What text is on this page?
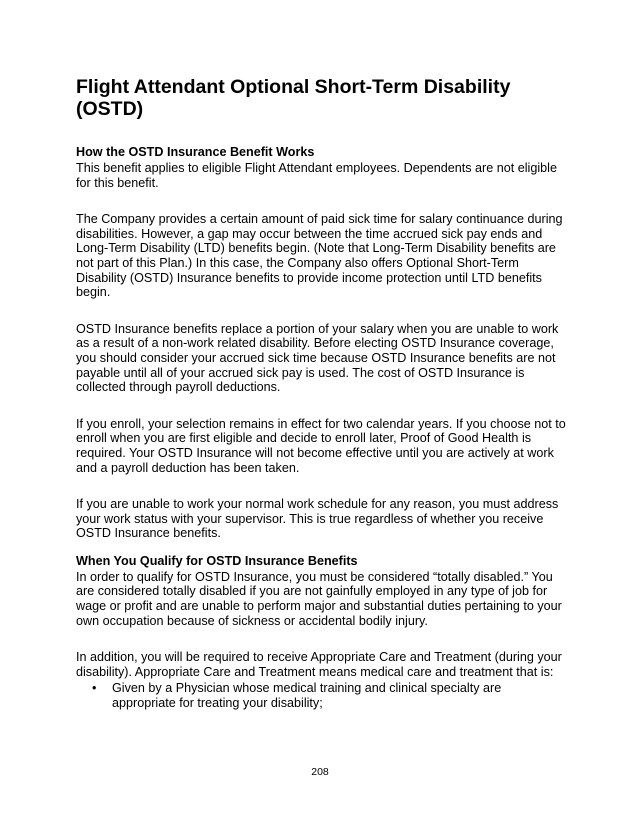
Flight Attendant Optional Short-Term Disability (OSTD)
How the OSTD Insurance Benefit Works

This benefit applies to eligible Flight Attendant employees. Dependents are not eligible for this benefit.

The Company provides a certain amount of paid sick time for salary continuance during disabilities. However, a gap may occur between the time accrued sick pay ends and Long-Term Disability (LTD) benefits begin. (Note that Long-Term Disability benefits are not part of this Plan.) In this case, the Company also offers Optional Short-Term Disability (OSTD) Insurance benefits to provide income protection until LTD benefits begin.

OSTD Insurance benefits replace a portion of your salary when you are unable to work as a result of a non-work related disability. Before electing OSTD Insurance coverage, you should consider your accrued sick time because OSTD Insurance benefits are not payable until all of your accrued sick pay is used. The cost of OSTD Insurance is collected through payroll deductions.

If you enroll, your selection remains in effect for two calendar years. If you choose not to enroll when you are first eligible and decide to enroll later, Proof of Good Health is required. Your OSTD Insurance will not become effective until you are actively at work and a payroll deduction has been taken.

If you are unable to work your normal work schedule for any reason, you must address your work status with your supervisor. This is true regardless of whether you receive OSTD Insurance benefits.

When You Qualify for OSTD Insurance Benefits

In order to qualify for OSTD Insurance, you must be considered “totally disabled.” You are considered totally disabled if you are not gainfully employed in any type of job for wage or profit and are unable to perform major and substantial duties pertaining to your own occupation because of sickness or accidental bodily injury.

In addition, you will be required to receive Appropriate Care and Treatment (during your disability). Appropriate Care and Treatment means medical care and treatment that is:

• Given by a Physician whose medical training and clinical specialty are appropriate for treating your disability;
208
